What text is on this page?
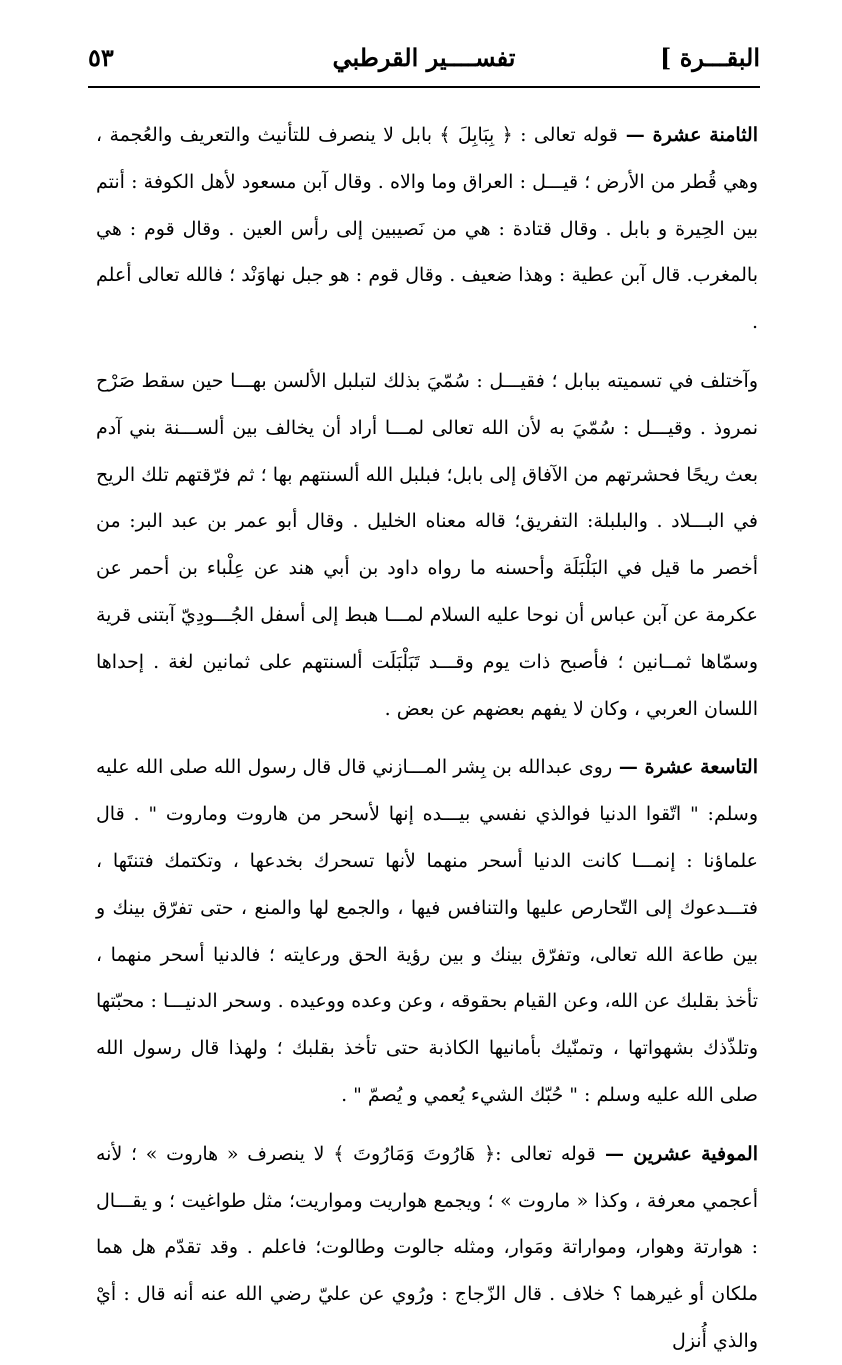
البقـــرة ]
تفســــير القرطبي
٥٣

الثامنة عشرة — قوله تعالى : ﴿ بِبَابِلَ ﴾ بابل لا ينصرف للتأنيث والتعريف والعُجمة ، وهي قُطر من الأرض ؛ قيـــل : العراق وما والاه . وقال آبن مسعود لأهل الكوفة : أنتم بين الحِيرة و بابل . وقال قتادة : هي من نَصيبين إلى رأس العين . وقال قوم : هي بالمغرب. قال آبن عطية : وهذا ضعيف . وقال قوم : هو جبل نهاوَنْد ؛ فالله تعالى أعلم .

وآختلف في تسميته ببابل ؛ فقيـــل : سُمّيَ بذلك لتبلبل الألسن بهـــا حين سقط صَرْح نمروذ . وقيـــل : سُمّيَ به لأن الله تعالى لمـــا أراد أن يخالف بين ألســـنة بني آدم بعث ريحًا فحشرتهم من الآفاق إلى بابل؛ فبلبل الله ألسنتهم بها ؛ ثم فرّقتهم تلك الريح في البـــلاد . والبلبلة: التفريق؛ قاله معناه الخليل . وقال أبو عمر بن عبد البر: من أخصر ما قيل في البَلْبَلَة وأحسنه ما رواه داود بن أبي هند عن عِلْباء بن أحمر عن عكرمة عن آبن عباس أن نوحا عليه السلام لمـــا هبط إلى أسفل الجُـــودِيّ آبتنى قرية وسمّاها ثمــانين ؛ فأصبح ذات يوم وقـــد تَبَلْبَلَت ألسنتهم على ثمانين لغة . إحداها اللسان العربي ، وكان لا يفهم بعضهم عن بعض .

التاسعة عشرة — روى عبدالله بن بِشر المـــازني قال قال رسول الله صلى الله عليه وسلم: " اتّقوا الدنيا فوالذي نفسي بيـــده إنها لأسحر من هاروت وماروت " . قال علماؤنا : إنمـــا كانت الدنيا أسحر منهما لأنها تسحرك بخدعها ، وتكتمك فتنتَها ، فتـــدعوك إلى التّحارص عليها والتنافس فيها ، والجمع لها والمنع ، حتى تفرّق بينك و بين طاعة الله تعالى، وتفرّق بينك و بين رؤية الحق ورعايته ؛ فالدنيا أسحر منهما ، تأخذ بقلبك عن الله، وعن القيام بحقوقه ، وعن وعده ووعيده . وسحر الدنيـــا : محبّتها وتلذّذك بشهواتها ، وتمنّيك بأمانيها الكاذبة حتى تأخذ بقلبك ؛ ولهذا قال رسول الله صلى الله عليه وسلم : " حُبّك الشيء يُعمي و يُصمّ " .

الموفية عشرين — قوله تعالى :﴿ هَارُوتَ وَمَارُوتَ ﴾ لا ينصرف « هاروت » ؛ لأنه أعجمي معرفة ، وكذا « ماروت » ؛ ويجمع هواريت ومواريت؛ مثل طواغيت ؛ و يقـــال : هوارتة وهوار، ومواراتة ومَوار، ومثله جالوت وطالوت؛ فاعلم . وقد تقدّم هل هما ملكان أو غيرهما ؟ خلاف . قال الزّجاج : ورُوي عن عليّ رضي الله عنه أنه قال : أيْ والذي أُنزل
